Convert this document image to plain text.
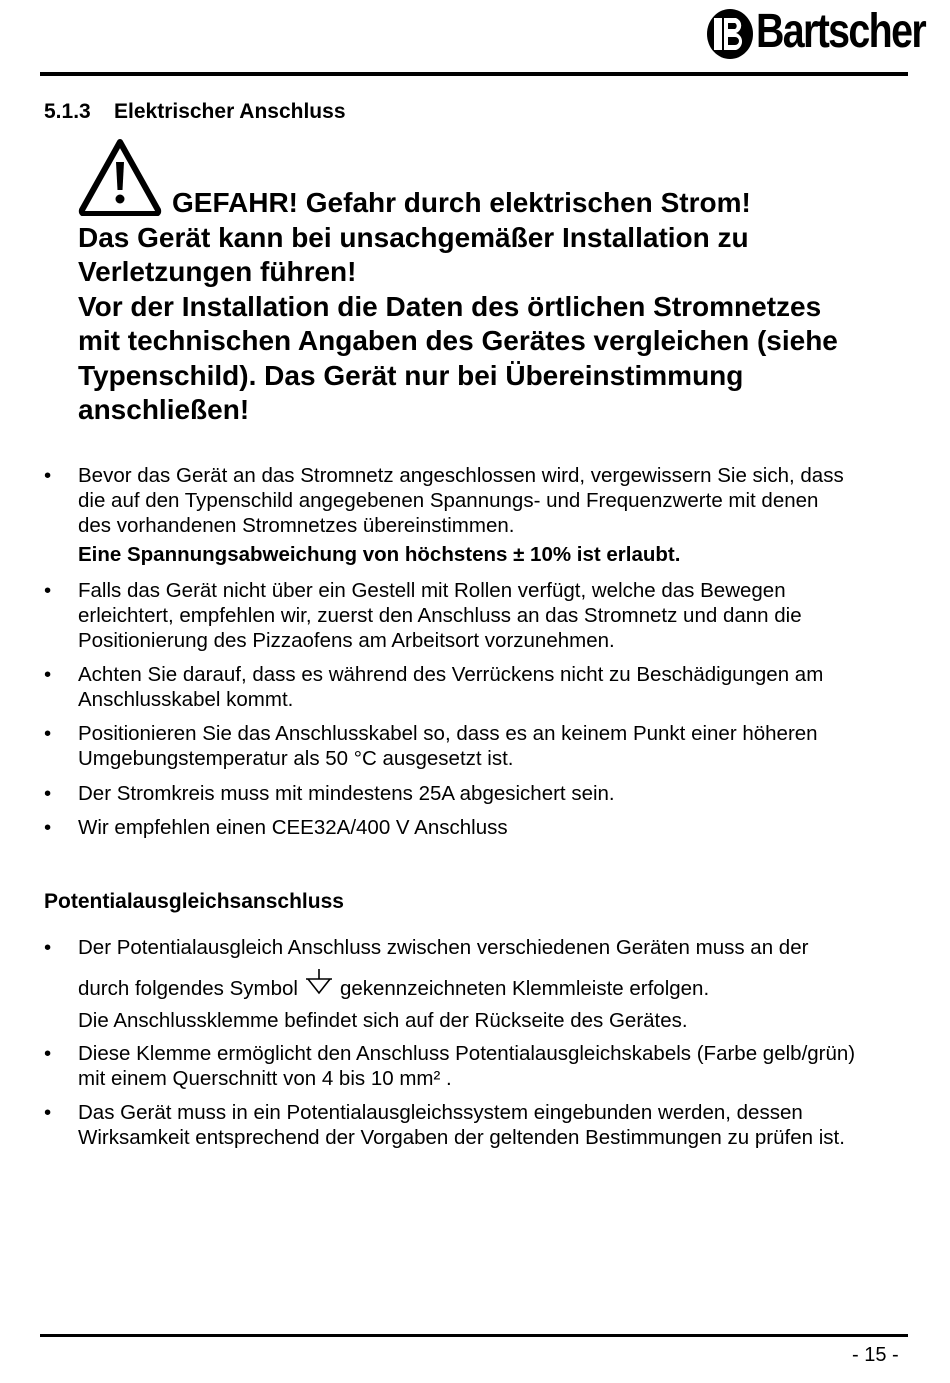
Bartscher
5.1.3 Elektrischer Anschluss
GEFAHR! Gefahr durch elektrischen Strom!
Das Gerät kann bei unsachgemäßer Installation zu
Verletzungen führen!
Vor der Installation die Daten des örtlichen Stromnetzes
mit technischen Angaben des Gerätes vergleichen (siehe
Typenschild). Das Gerät nur bei Übereinstimmung
anschließen!
•	Bevor das Gerät an das Stromnetz angeschlossen wird, vergewissern Sie sich, dass
die auf den Typenschild angegebenen Spannungs- und Frequenzwerte mit denen
des vorhandenen Stromnetzes übereinstimmen.
Eine Spannungsabweichung von höchstens ± 10% ist erlaubt.
•	Falls das Gerät nicht über ein Gestell mit Rollen verfügt, welche das Bewegen
erleichtert, empfehlen wir, zuerst den Anschluss an das Stromnetz und dann die
Positionierung des Pizzaofens am Arbeitsort vorzunehmen.
•	Achten Sie darauf, dass es während des Verrückens nicht zu Beschädigungen am
Anschlusskabel kommt.
•	Positionieren Sie das Anschlusskabel so, dass es an keinem Punkt einer höheren
Umgebungstemperatur als 50 °C ausgesetzt ist.
•	Der Stromkreis muss mit mindestens 25A abgesichert sein.
•	Wir empfehlen einen CEE32A/400 V Anschluss
Potentialausgleichsanschluss
•	Der Potentialausgleich Anschluss zwischen verschiedenen Geräten muss an der
durch folgendes Symbol gekennzeichneten Klemmleiste erfolgen.
Die Anschlussklemme befindet sich auf der Rückseite des Gerätes.
•	Diese Klemme ermöglicht den Anschluss Potentialausgleichskabels (Farbe gelb/grün)
mit einem Querschnitt von 4 bis 10 mm² .
•	Das Gerät muss in ein Potentialausgleichssystem eingebunden werden, dessen
Wirksamkeit entsprechend der Vorgaben der geltenden Bestimmungen zu prüfen ist.
- 15 -
